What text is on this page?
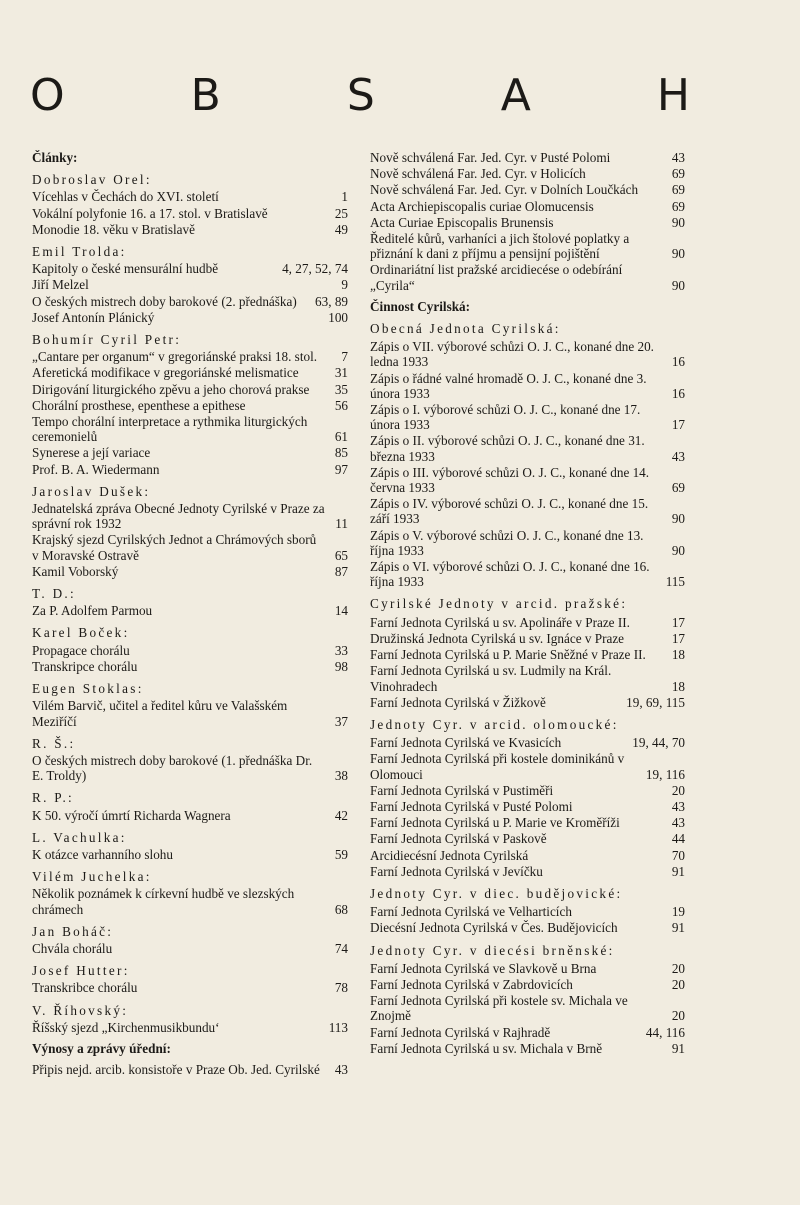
O	B	S	A	H
Články:
Dobroslav Orel:
Vícehlas v Čechách do XVI. století	1
Vokální polyfonie 16. a 17. stol. v Bratislavě	25
Monodie 18. věku v Bratislavě	49
Emil Trolda:
Kapitoly o české mensurální hudbě	4, 27, 52, 74
Jiří Melzel	9
O českých mistrech doby barokové (2. přednáška)	63, 89
Josef Antonín Plánický	100
Bohumír Cyril Petr:
„Cantare per organum“ v gregoriánské praksi 18. stol.	7
Aferetická modifikace v gregoriánské melismatice	31
Dirigování liturgického zpěvu a jeho chorová prakse	35
Chorální prosthese, epenthese a epithese	56
Tempo chorální interpretace a rythmika liturgických ceremonielů	61
Synerese a její variace	85
Prof. B. A. Wiedermann	97
Jaroslav Dušek:
Jednatelská zpráva Obecné Jednoty Cyrilské v Praze za správní rok 1932	11
Krajský sjezd Cyrilských Jednot a Chrámových sborů v Moravské Ostravě	65
Kamil Voborský	87
T. D.:
Za P. Adolfem Parmou	14
Karel Boček:
Propagace chorálu	33
Transkripce chorálu	98
Eugen Stoklas:
Vilém Barvič, učitel a ředitel kůru ve Valašském Meziříčí	37
R. Š.:
O českých mistrech doby barokové (1. přednáška Dr. E. Troldy)	38
R. P.:
K 50. výročí úmrtí Richarda Wagnera	42
L. Vachulka:
K otázce varhanního slohu	59
Vilém Juchelka:
Několik poznámek k církevní hudbě ve slezských chrámech	68
Jan Boháč:
Chvála chorálu	74
Josef Hutter:
Transkribce chorálu	78
V. Říhovský:
Říšský sjezd „Kirchenmusikbundu‘	113
Výnosy a zprávy úřední:
Připis nejd. arcib. konsistoře v Praze Ob. Jed. Cyrilské	43
Nově schválená Far. Jed. Cyr. v Pusté Polomi	43
Nově schválená Far. Jed. Cyr. v Holicích	69
Nově schválená Far. Jed. Cyr. v Dolních Loučkách	69
Acta Archiepiscopalis curiae Olomucensis	69
Acta Curiae Episcopalis Brunensis	90
Ředitelé kůrů, varhaníci a jich štolové poplatky a přiznání k dani z příjmu a pensijní pojištění	90
Ordinariátní list pražské arcidiecése o odebírání „Cyrila“	90
Činnost Cyrilská:
Obecná Jednota Cyrilská:
Zápis o VII. výborové schůzi O. J. C., konané dne 20. ledna 1933	16
Zápis o řádné valné hromadě O. J. C., konané dne 3. února 1933	16
Zápis o I. výborové schůzi O. J. C., konané dne 17. února 1933	17
Zápis o II. výborové schůzi O. J. C., konané dne 31. března 1933	43
Zápis o III. výborové schůzi O. J. C., konané dne 14. června 1933	69
Zápis o IV. výborové schůzi O. J. C., konané dne 15. září 1933	90
Zápis o V. výborové schůzi O. J. C., konané dne 13. října 1933	90
Zápis o VI. výborové schůzi O. J. C., konané dne 16. října 1933	115
Cyrilské Jednoty v arcid. pražské:
Farní Jednota Cyrilská u sv. Apolináře v Praze II.	17
Družinská Jednota Cyrilská u sv. Ignáce v Praze	17
Farní Jednota Cyrilská u P. Marie Sněžné v Praze II.	18
Farní Jednota Cyrilská u sv. Ludmily na Král. Vinohradech	18
Farní Jednota Cyrilská v Žižkově	19, 69, 115
Jednoty Cyr. v arcid. olomoucké:
Farní Jednota Cyrilská ve Kvasicích	19, 44, 70
Farní Jednota Cyrilská při kostele dominikánů v Olomouci	19, 116
Farní Jednota Cyrilská v Pustiměři	20
Farní Jednota Cyrilská v Pusté Polomi	43
Farní Jednota Cyrilská u P. Marie ve Kroměříži	43
Farní Jednota Cyrilská v Paskově	44
Arcidiecésní Jednota Cyrilská	70
Farní Jednota Cyrilská v Jevíčku	91
Jednoty Cyr. v diec. budějovické:
Farní Jednota Cyrilská ve Velharticích	19
Diecésní Jednota Cyrilská v Čes. Budějovicích	91
Jednoty Cyr. v diecési brněnské:
Farní Jednota Cyrilská ve Slavkově u Brna	20
Farní Jednota Cyrilská v Zabrdovicích	20
Farní Jednota Cyrilská při kostele sv. Michala ve Znojmě	20
Farní Jednota Cyrilská v Rajhradě	44, 116
Farní Jednota Cyrilská u sv. Michala v Brně	91
